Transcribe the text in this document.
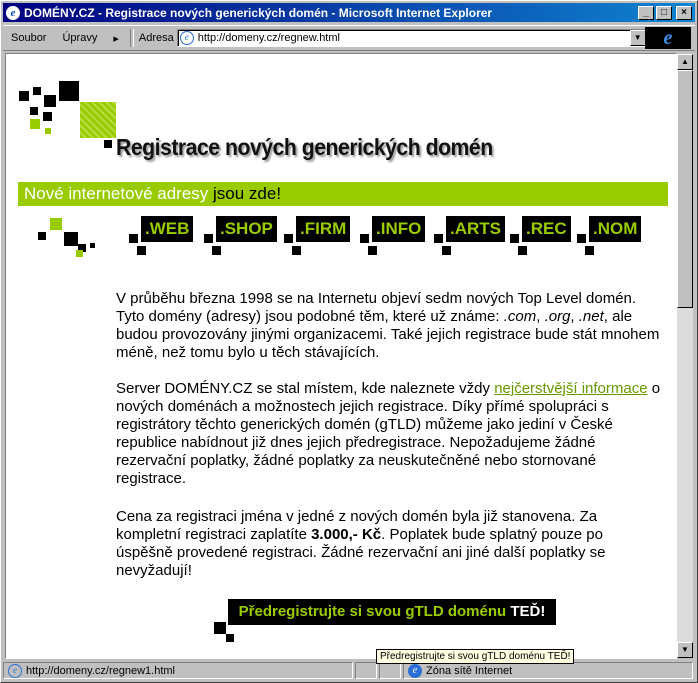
e DOMÉNY.CZ - Registrace nových generických domén - Microsoft Internet Explorer	_	□	×
Soubor	Úpravy	▸	Adresa	e http://domeny.cz/regnew.html	▼	e
Registrace nových generických domén
Nové internetové adresy jsou zde!
.WEB .SHOP .FIRM .INFO .ARTS .REC .NOM

V průběhu března 1998 se na Internetu objeví sedm nových Top Level domén. Tyto domény (adresy) jsou podobné těm, které už známe: .com, .org, .net, ale budou provozovány jinými organizacemi. Také jejich registrace bude stát mnohem méně, než tomu bylo u těch stávajících.

Server DOMÉNY.CZ se stal místem, kde naleznete vždy nejčerstvější informace o nových doménách a možnostech jejich registrace. Díky přímé spolupráci s registrátory těchto generických domén (gTLD) můžeme jako jediní v České republice nabídnout již dnes jejich předregistrace. Nepožadujeme žádné rezervační poplatky, žádné poplatky za neuskutečněné nebo stornované registrace.

Cena za registraci jména v jedné z nových domén byla již stanovena. Za kompletní registraci zaplatíte 3.000,- Kč. Poplatek bude splatný pouze po úspěšně provedené registraci. Žádné rezervační ani jiné další poplatky se nevyžadují!

Předregistrujte si svou gTLD doménu TEĎ!
▲
▼
e http://domeny.cz/regnew1.html	e Zóna sítě Internet
Předregistrujte si svou gTLD doménu TEĎ!
